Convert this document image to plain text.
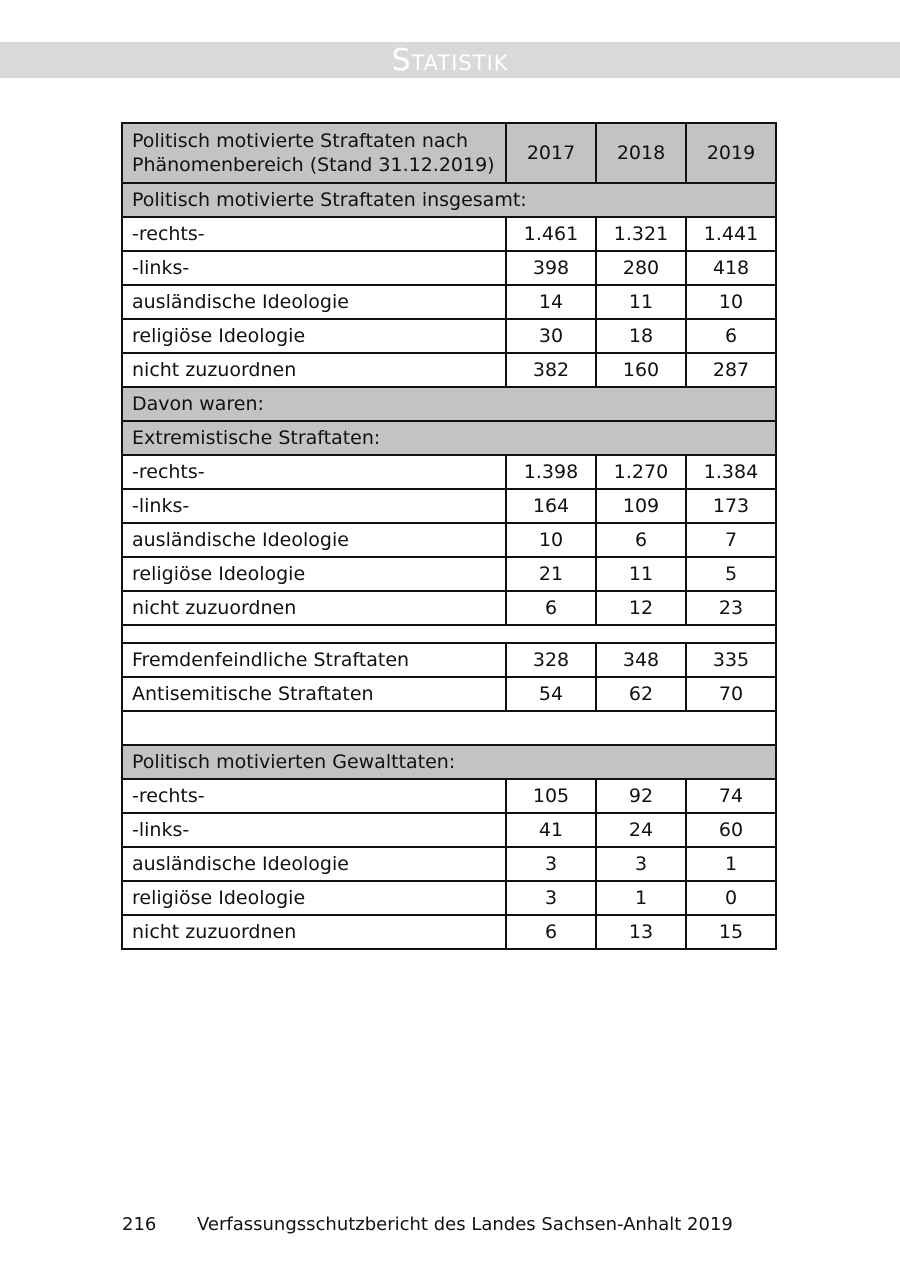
Statistik
Politisch motivierte Straftaten nach
Phänomenbereich (Stand 31.12.2019)	2017	2018	2019
Politisch motivierte Straftaten insgesamt:			
-rechts-	1.461	1.321	1.441
-links-	398	280	418
ausländische Ideologie	14	11	10
religiöse Ideologie	30	18	6
nicht zuzuordnen	382	160	287
Davon waren:			
Extremistische Straftaten:			
-rechts-	1.398	1.270	1.384
-links-	164	109	173
ausländische Ideologie	10	6	7
religiöse Ideologie	21	11	5
nicht zuzuordnen	6	12	23

Fremdenfeindliche Straftaten	328	348	335
Antisemitische Straftaten	54	62	70

Politisch motivierten Gewalttaten:			
-rechts-	105	92	74
-links-	41	24	60
ausländische Ideologie	3	3	1
religiöse Ideologie	3	1	0
nicht zuzuordnen	6	13	15
216	Verfassungsschutzbericht des Landes Sachsen-Anhalt 2019
